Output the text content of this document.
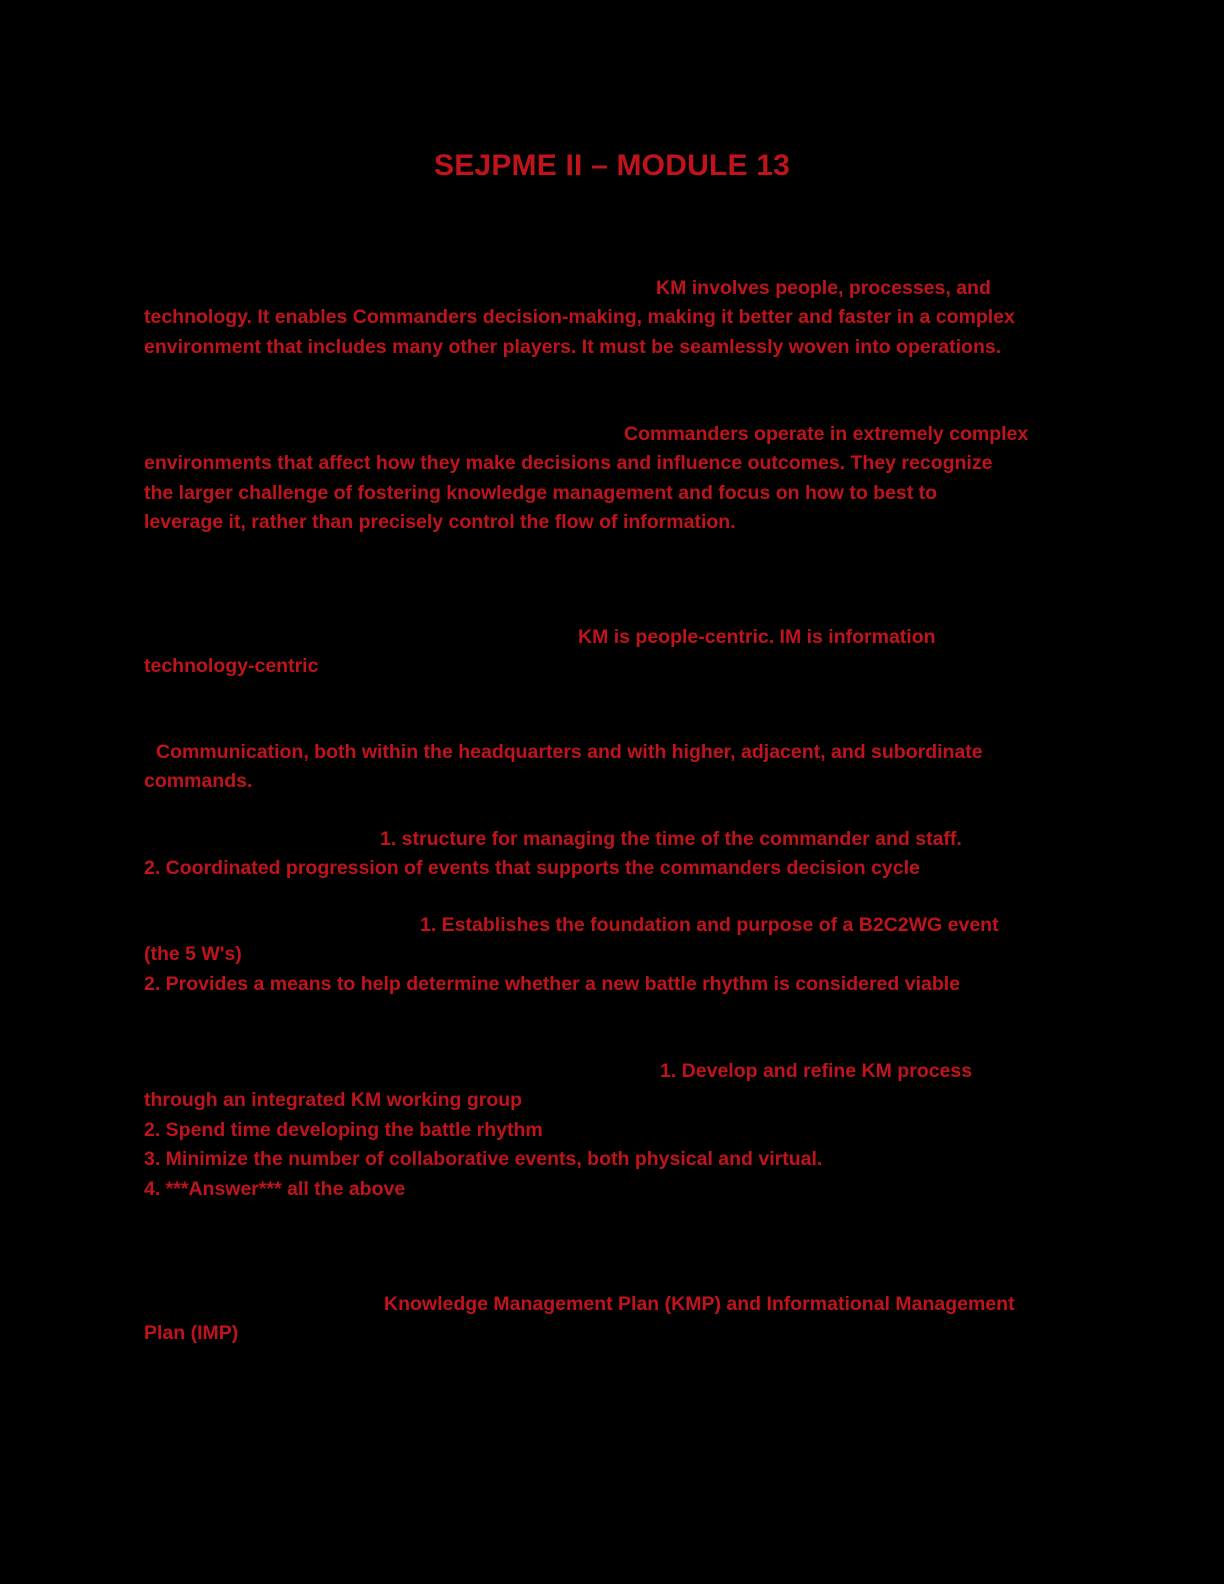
SEJPME II – MODULE 13
KM involves people, processes, and
technology. It enables Commanders decision-making, making it better and faster in a complex
environment that includes many other players. It must be seamlessly woven into operations.
Commanders operate in extremely complex
environments that affect how they make decisions and influence outcomes. They recognize
the larger challenge of fostering knowledge management and focus on how to best to
leverage it, rather than precisely control the flow of information.
KM is people-centric. IM is information
technology-centric
Communication, both within the headquarters and with higher, adjacent, and subordinate
commands.
1. structure for managing the time of the commander and staff.
2. Coordinated progression of events that supports the commanders decision cycle
1. Establishes the foundation and purpose of a B2C2WG event
(the 5 W's)
2. Provides a means to help determine whether a new battle rhythm is considered viable
1. Develop and refine KM process
through an integrated KM working group
2. Spend time developing the battle rhythm
3. Minimize the number of collaborative events, both physical and virtual.
4. ***Answer*** all the above
Knowledge Management Plan (KMP) and Informational Management
Plan (IMP)
